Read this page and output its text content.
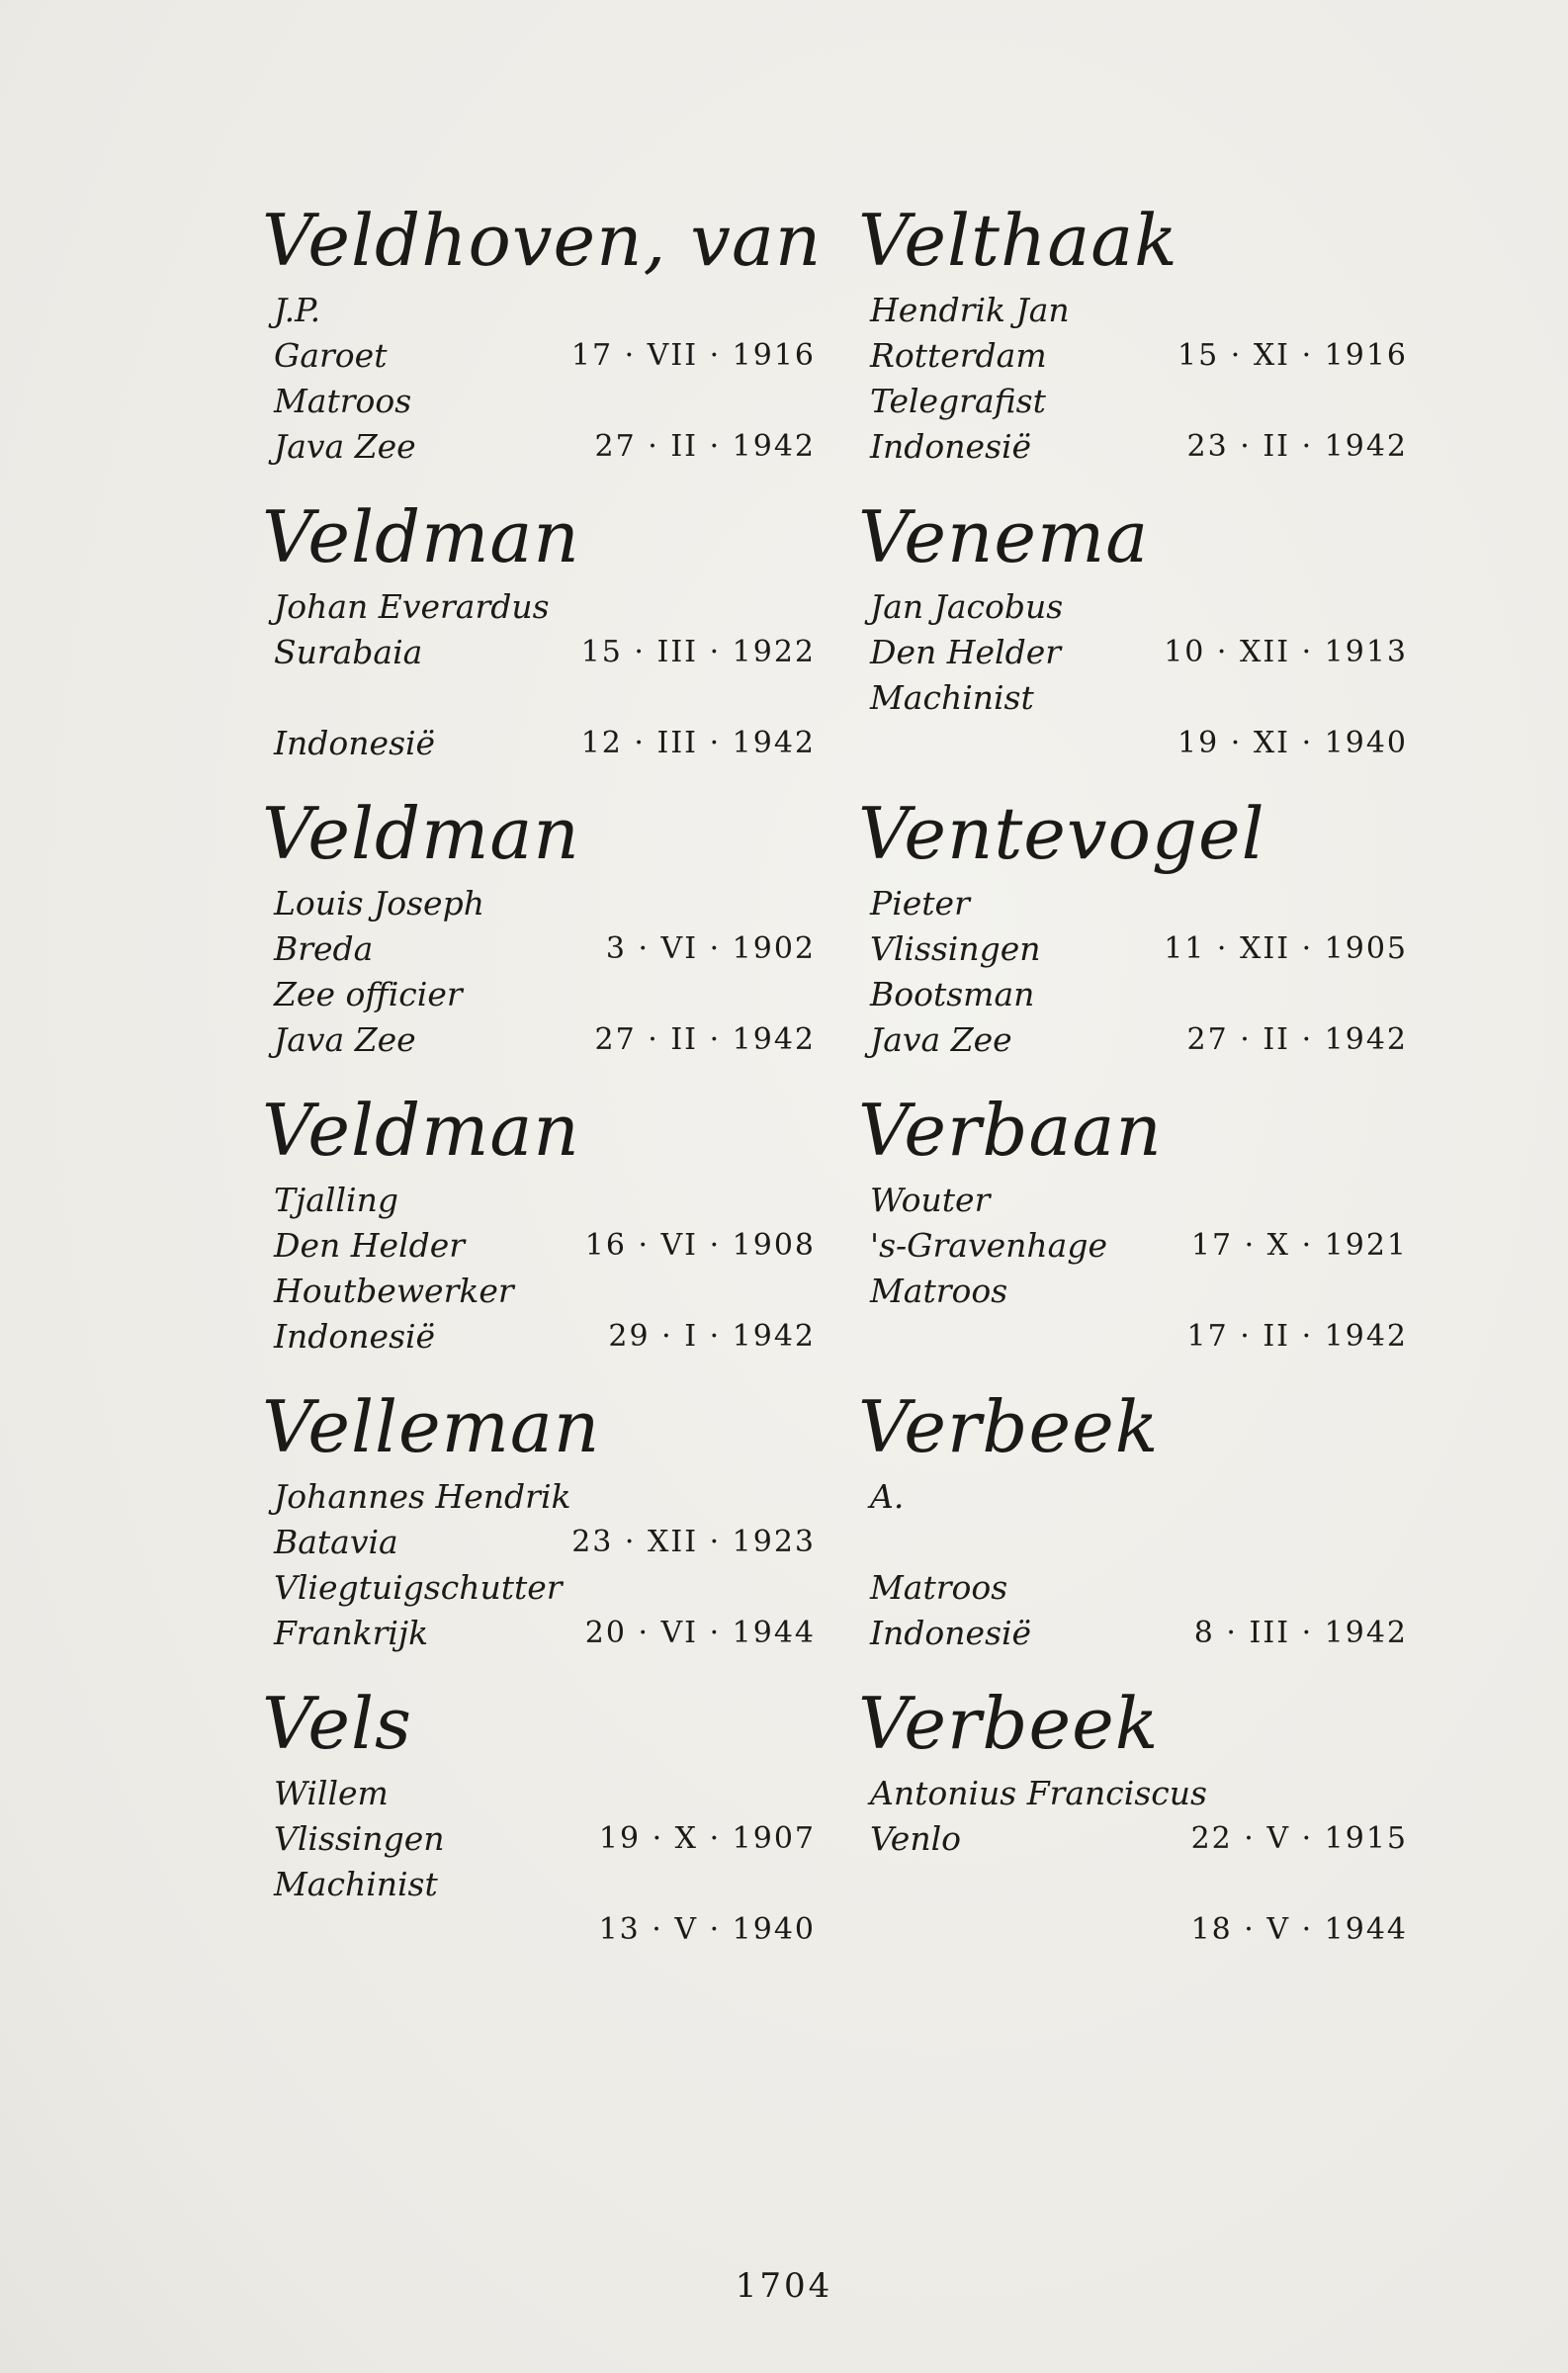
Veldhoven, van
J.P.
Garoet	17 · VII · 1916
Matroos
Java Zee	27 · II · 1942
Veldman
Johan Everardus
Surabaia	15 · III · 1922
Indonesië	12 · III · 1942
Veldman
Louis Joseph
Breda	3 · VI · 1902
Zee officier
Java Zee	27 · II · 1942
Veldman
Tjalling
Den Helder	16 · VI · 1908
Houtbewerker
Indonesië	29 · I · 1942
Velleman
Johannes Hendrik
Batavia	23 · XII · 1923
Vliegtuigschutter
Frankrijk	20 · VI · 1944
Vels
Willem
Vlissingen	19 · X · 1907
Machinist
13 · V · 1940
Velthaak
Hendrik Jan
Rotterdam	15 · XI · 1916
Telegrafist
Indonesië	23 · II · 1942
Venema
Jan Jacobus
Den Helder	10 · XII · 1913
Machinist
19 · XI · 1940
Ventevogel
Pieter
Vlissingen	11 · XII · 1905
Bootsman
Java Zee	27 · II · 1942
Verbaan
Wouter
's-Gravenhage	17 · X · 1921
Matroos
17 · II · 1942
Verbeek
A.
Matroos
Indonesië	8 · III · 1942
Verbeek
Antonius Franciscus
Venlo	22 · V · 1915
18 · V · 1944
1704
